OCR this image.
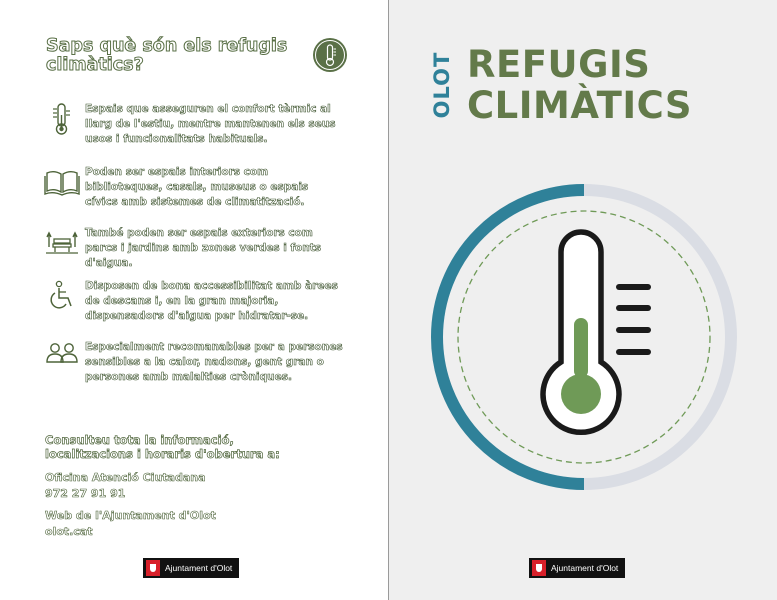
Saps què són els refugis climàtics?

Espais que asseguren el confort tèrmic al llarg de l'estiu, mentre mantenen els seus usos i funcionalitats habituals.

Poden ser espais interiors com biblioteques, casals, museus o espais cívics amb sistemes de climatització.

També poden ser espais exteriors com parcs i jardins amb zones verdes i fonts d'aigua.

Disposen de bona accessibilitat amb àrees de descans i, en la gran majoria, dispensadors d'aigua per hidratar-se.

Especialment recomanables per a persones sensibles a la calor, nadons, gent gran o persones amb malalties cròniques.

Consulteu tota la informació,
localitzacions i horaris d'obertura a:

Oficina Atenció Ciutadana

972 27 91 91

Web de l'Ajuntament d'Olot

olot.cat

Ajuntament d'Olot
OLOT REFUGIS
CLIMÀTICS
Ajuntament d'Olot
